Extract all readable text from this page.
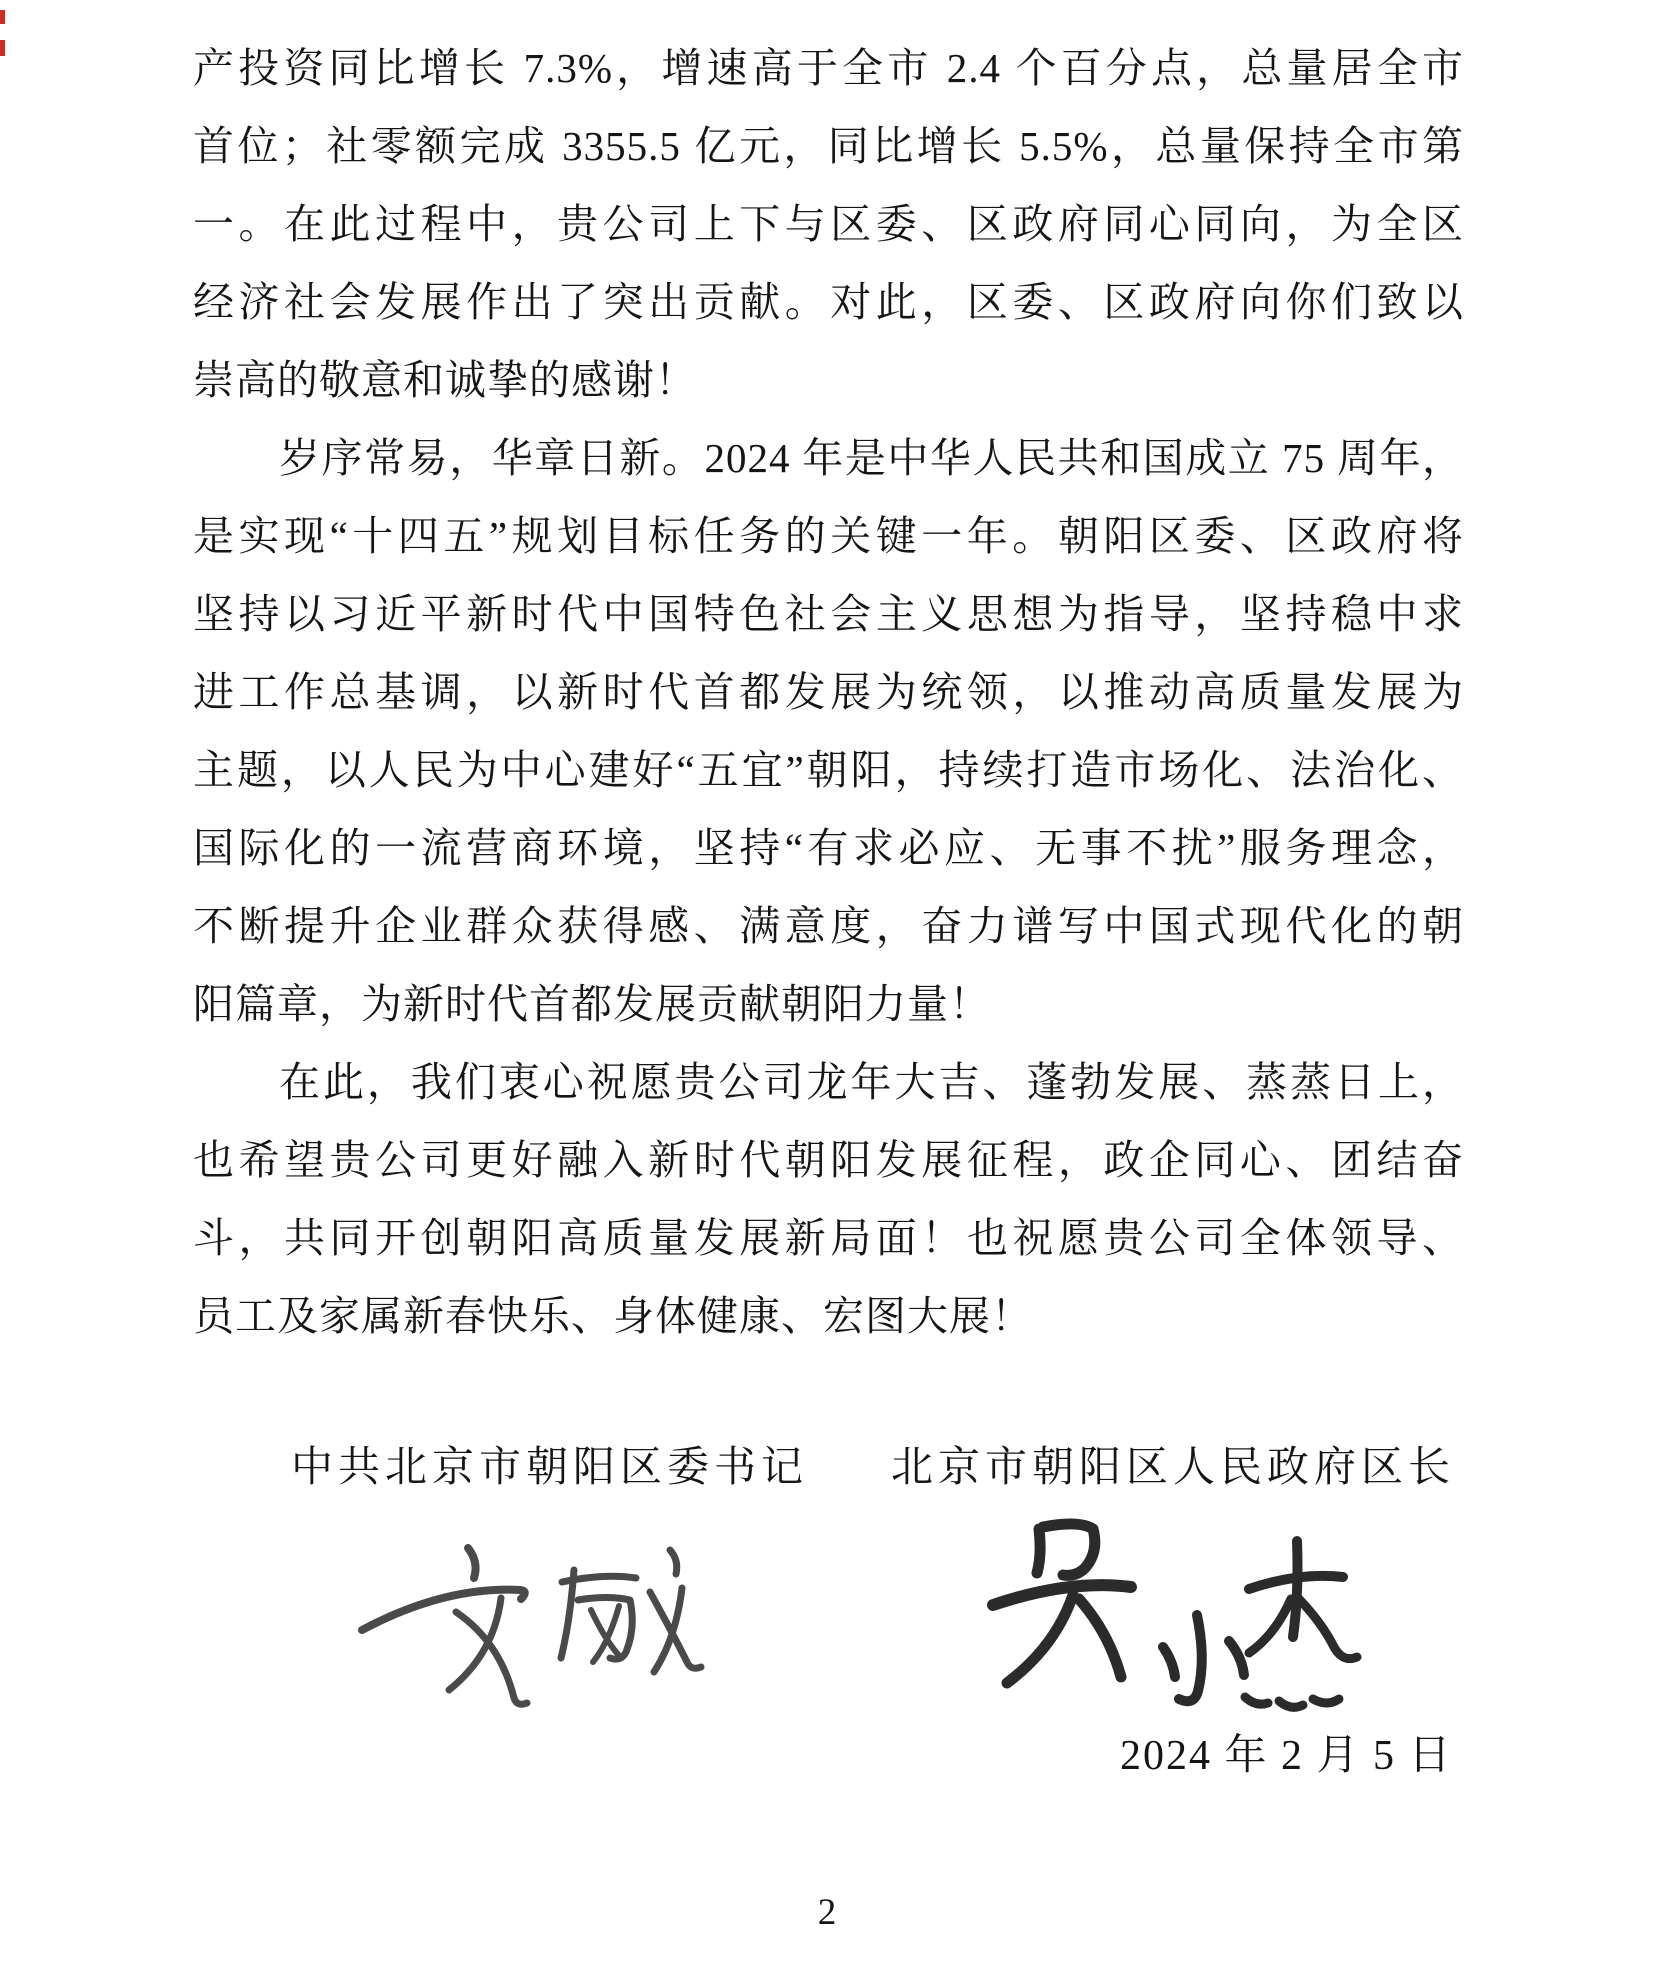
产投资同比增长 7.3%，增速高于全市 2.4 个百分点，总量居全市
首位；社零额完成 3355.5 亿元，同比增长 5.5%，总量保持全市第
一。在此过程中，贵公司上下与区委、区政府同心同向，为全区
经济社会发展作出了突出贡献。对此，区委、区政府向你们致以
崇高的敬意和诚挚的感谢！
岁序常易，华章日新。2024 年是中华人民共和国成立 75 周年，
是实现“十四五”规划目标任务的关键一年。朝阳区委、区政府将
坚持以习近平新时代中国特色社会主义思想为指导，坚持稳中求
进工作总基调，以新时代首都发展为统领，以推动高质量发展为
主题，以人民为中心建好“五宜”朝阳，持续打造市场化、法治化、
国际化的一流营商环境，坚持“有求必应、无事不扰”服务理念，
不断提升企业群众获得感、满意度，奋力谱写中国式现代化的朝
阳篇章，为新时代首都发展贡献朝阳力量！
在此，我们衷心祝愿贵公司龙年大吉、蓬勃发展、蒸蒸日上，
也希望贵公司更好融入新时代朝阳发展征程，政企同心、团结奋
斗，共同开创朝阳高质量发展新局面！也祝愿贵公司全体领导、
员工及家属新春快乐、身体健康、宏图大展！
中共北京市朝阳区委书记 北京市朝阳区人民政府区长
2024 年 2 月 5 日
2
